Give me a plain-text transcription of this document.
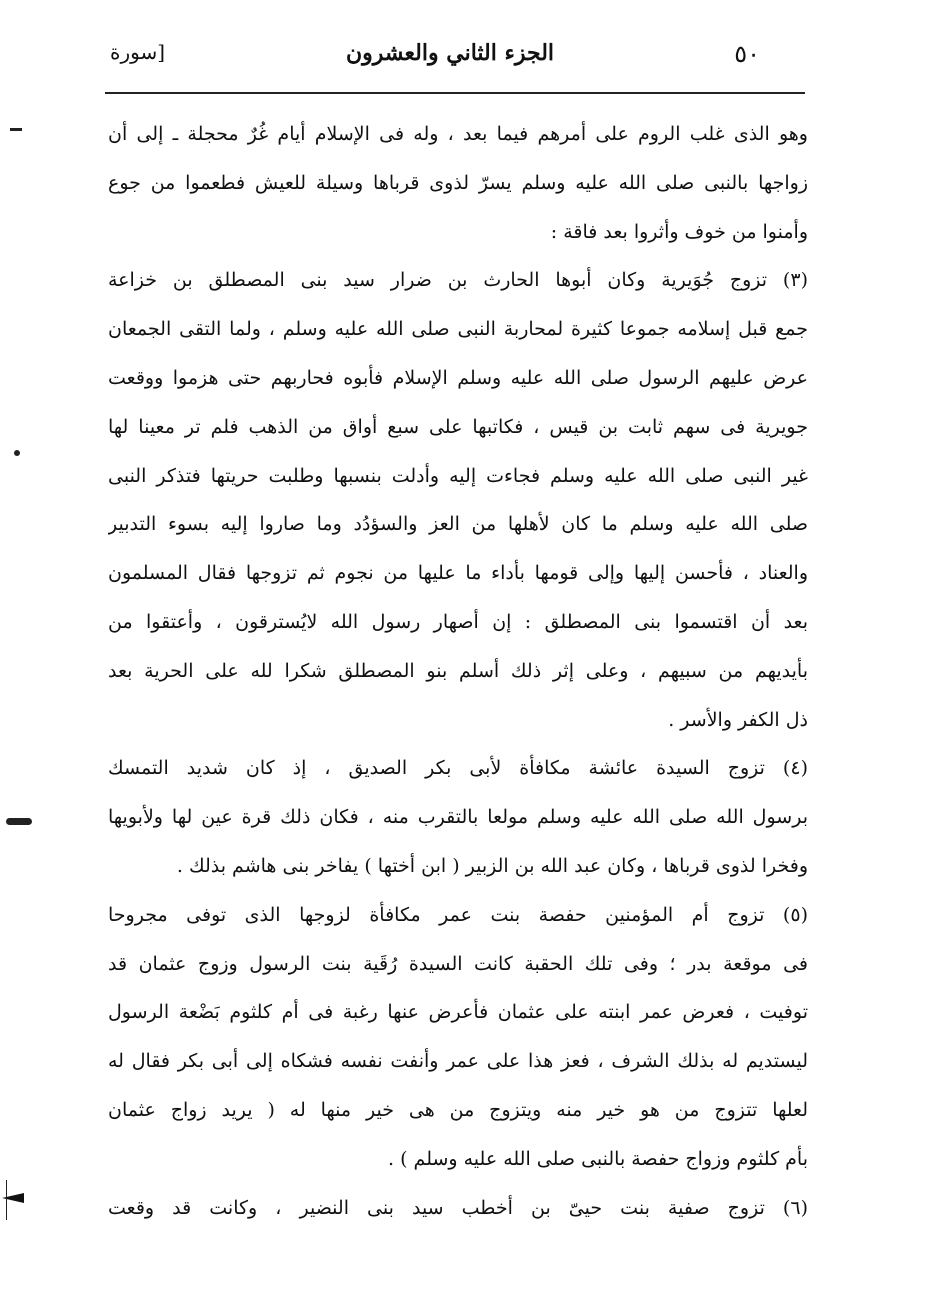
٥٠
الجزء الثاني والعشرون
[سورة
وهو الذى غلب الروم على أمرهم فيما بعد ، وله فى الإسلام أيام غُرٌ محجلة ـ إلى أن
زواجها بالنبى صلى الله عليه وسلم يسرّ لذوى قرباها وسيلة للعيش فطعموا من جوع
وأمنوا من خوف وأثروا بعد فاقة :
(٣) تزوج جُوَيرية وكان أبوها الحارث بن ضرار سيد بنى المصطلق بن خزاعة
جمع قبل إسلامه جموعا كثيرة لمحاربة النبى صلى الله عليه وسلم ، ولما التقى الجمعان
عرض عليهم الرسول صلى الله عليه وسلم الإسلام فأبوه فحاربهم حتى هزموا ووقعت
جويرية فى سهم ثابت بن قيس ، فكاتبها على سبع أواق من الذهب فلم تر معينا لها
غير النبى صلى الله عليه وسلم فجاءت إليه وأدلت بنسبها وطلبت حريتها فتذكر النبى
صلى الله عليه وسلم ما كان لأهلها من العز والسؤدُد وما صاروا إليه بسوء التدبير
والعناد ، فأحسن إليها وإلى قومها بأداء ما عليها من نجوم ثم تزوجها فقال المسلمون
بعد أن اقتسموا بنى المصطلق : إن أصهار رسول الله لايُسترقون ، وأعتقوا من
بأيديهم من سبيهم ، وعلى إثر ذلك أسلم بنو المصطلق شكرا لله على الحرية بعد
ذل الكفر والأسر .
(٤) تزوج السيدة عائشة مكافأة لأبى بكر الصديق ، إذ كان شديد التمسك
برسول الله صلى الله عليه وسلم مولعا بالتقرب منه ، فكان ذلك قرة عين لها ولأبويها
وفخرا لذوى قرباها ، وكان عبد الله بن الزبير ( ابن أختها ) يفاخر بنى هاشم بذلك .
(٥) تزوج أم المؤمنين حفصة بنت عمر مكافأة لزوجها الذى توفى مجروحا
فى موقعة بدر ؛ وفى تلك الحقبة كانت السيدة رُقَية بنت الرسول وزوج عثمان قد
توفيت ، فعرض عمر ابنته على عثمان فأعرض عنها رغبة فى أم كلثوم بَضْعة الرسول
ليستديم له بذلك الشرف ، فعز هذا على عمر وأنفت نفسه فشكاه إلى أبى بكر فقال له
لعلها تتزوج من هو خير منه ويتزوج من هى خير منها له ( يريد زواج عثمان
بأم كلثوم وزواج حفصة بالنبى صلى الله عليه وسلم ) .
(٦) تزوج صفية بنت حيىّ بن أخطب سيد بنى النضير ، وكانت قد وقعت
